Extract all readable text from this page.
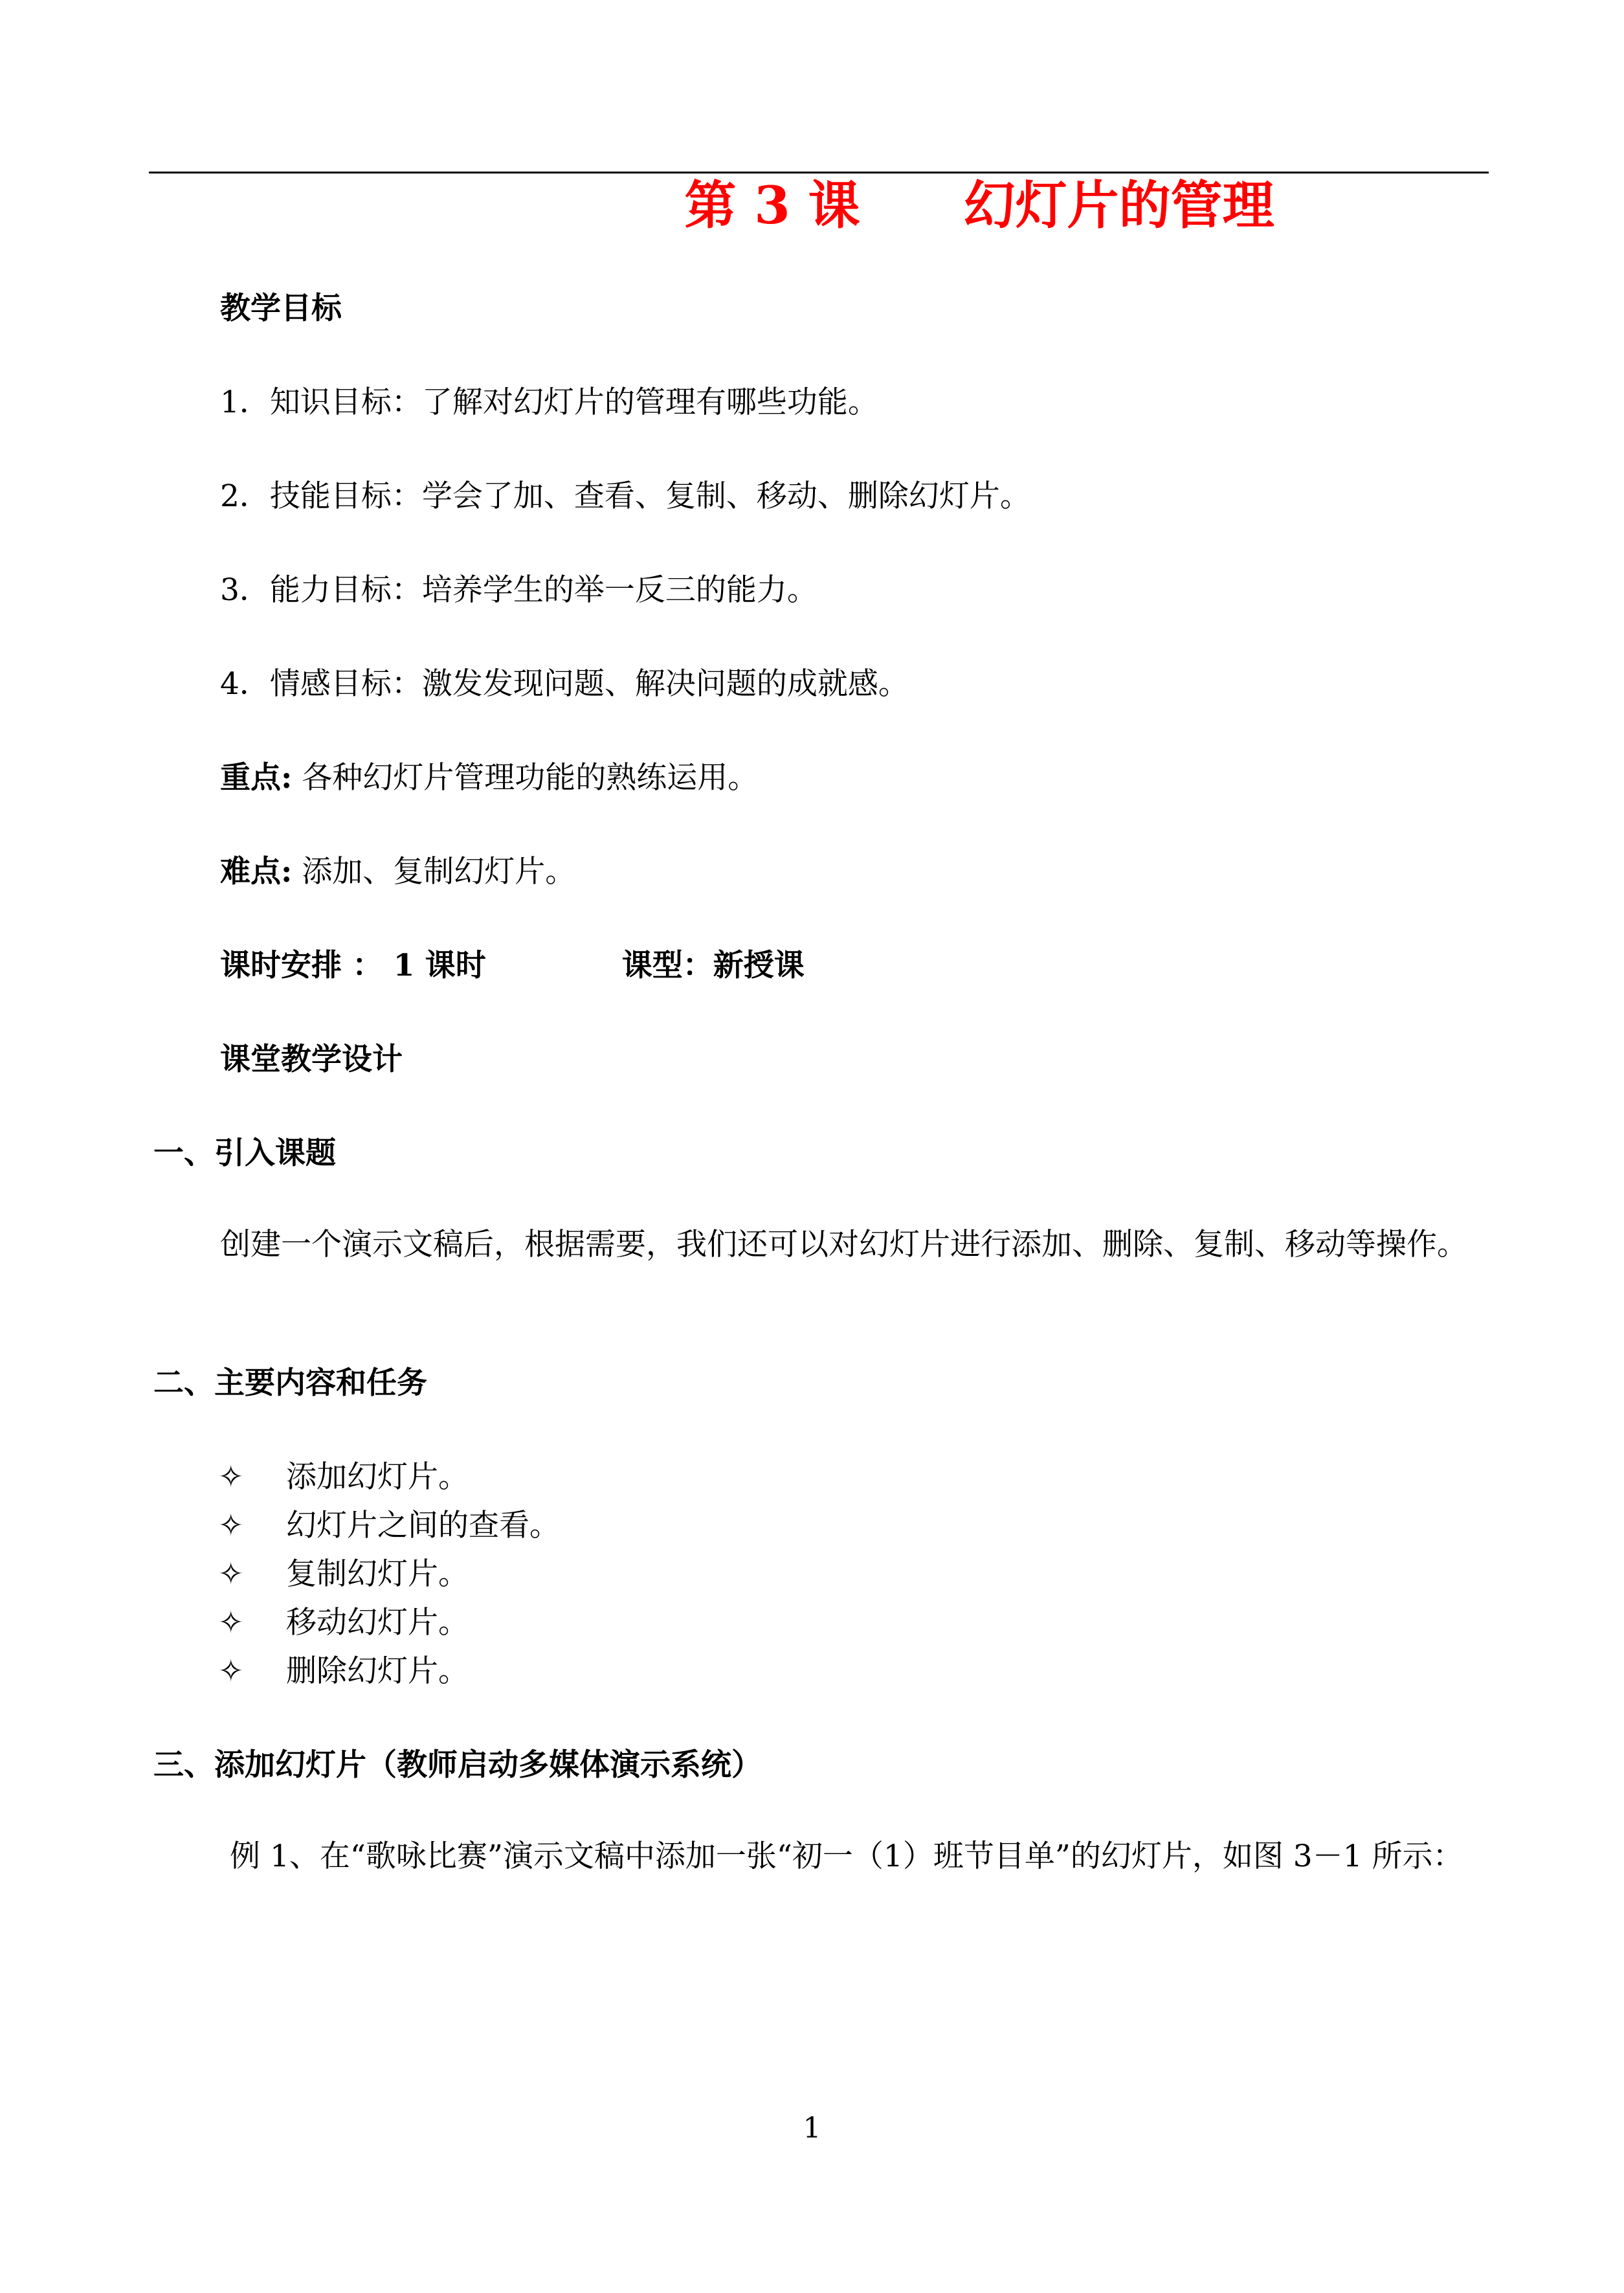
第 3 课　　幻灯片的管理
教学目标
1．知识目标：了解对幻灯片的管理有哪些功能。
2．技能目标：学会了加、查看、复制、移动、删除幻灯片。
3．能力目标：培养学生的举一反三的能力。
4．情感目标：激发发现问题、解决问题的成就感。
重点: 各种幻灯片管理功能的熟练运用。
难点: 添加、复制幻灯片。
课时安排 ： 1 课时	课型：新授课
课堂教学设计
一、引入课题
创建一个演示文稿后，根据需要，我们还可以对幻灯片进行添加、删除、复制、移动等操作。
二、主要内容和任务
✧ 添加幻灯片。
✧ 幻灯片之间的查看。
✧ 复制幻灯片。
✧ 移动幻灯片。
✧ 删除幻灯片。
三、添加幻灯片（教师启动多媒体演示系统）
例 1、在“歌咏比赛”演示文稿中添加一张“初一（1）班节目单”的幻灯片，如图 3－1 所示：
1
